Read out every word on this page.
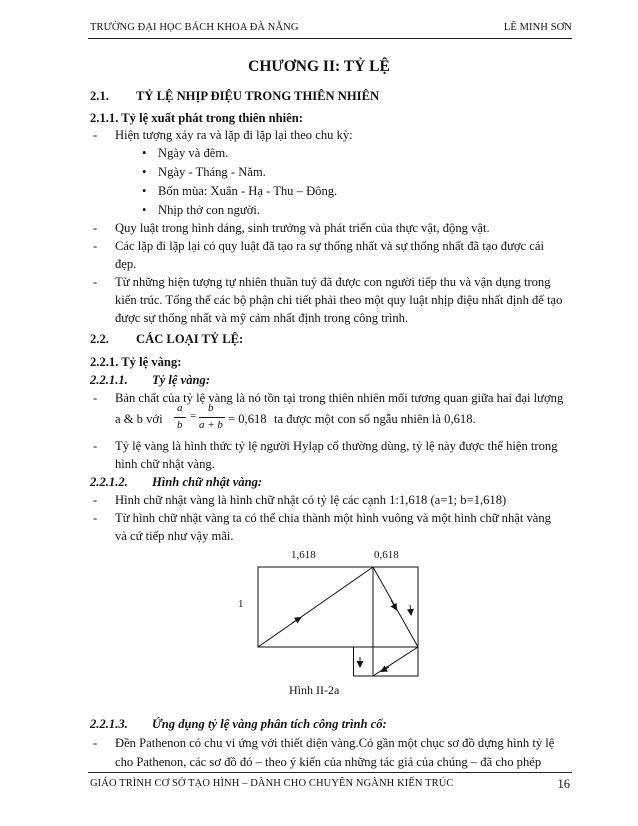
TRƯỜNG ĐẠI HỌC BÁCH KHOA ĐÀ NẴNG	LÊ MINH SƠN
CHƯƠNG II: TỶ LỆ
2.1. TỶ LỆ NHỊP ĐIỆU TRONG THIÊN NHIÊN
2.1.1. Tỷ lệ xuất phát trong thiên nhiên:
- Hiện tượng xảy ra và lặp đi lặp lại theo chu kỳ:
• Ngày và đêm.
• Ngày - Tháng - Năm.
• Bốn mùa: Xuân - Hạ - Thu – Đông.
• Nhịp thở con người.
- Quy luật trong hình dáng, sinh trưởng và phát triển của thực vật, động vật.
- Các lặp đi lặp lại có quy luật đã tạo ra sự thống nhất và sự thống nhất đã tạo được cái
đẹp.
- Từ những hiện tượng tự nhiên thuần tuý đã được con người tiếp thu và vận dụng trong
kiến trúc. Tổng thể các bộ phận chi tiết phải theo một quy luật nhịp điệu nhất định để tạo
được sự thống nhất và mỹ cảm nhất định trong công trình.
2.2. CÁC LOẠI TỶ LỆ:
2.2.1. Tỷ lệ vàng:
2.2.1.1. Tỷ lệ vàng:
- Bản chất của tỷ lệ vàng là nó tồn tại trong thiên nhiên mối tương quan giữa hai đại lượng
a & b với
a
b
=
b
a + b = 0,618 ta được một con số ngẫu nhiên là 0,618.
- Tỷ lệ vàng là hình thức tỷ lệ người Hylạp cổ thường dùng, tỷ lệ này được thể hiện trong
hình chữ nhật vàng.
2.2.1.2. Hình chữ nhật vàng:
- Hình chữ nhật vàng là hình chữ nhật có tỷ lệ các cạnh 1:1,618 (a=1; b=1,618)
- Từ hình chữ nhật vàng ta có thể chia thành một hình vuông và một hình chữ nhật vàng
và cứ tiếp như vậy mãi.
1,618	0,618
1
Hình II-2a
2.2.1.3. Ứng dụng tỷ lệ vàng phân tích công trình cổ:
- Đền Pathenon có chu vi ứng với thiết diện vàng.Có gần một chục sơ đồ dựng hình tỷ lệ
cho Pathenon, các sơ đồ đó – theo ý kiến của những tác giả của chúng – đã cho phép
GIÁO TRÌNH CƠ SỞ TẠO HÌNH – DÀNH CHO CHUYÊN NGÀNH KIẾN TRÚC	16
